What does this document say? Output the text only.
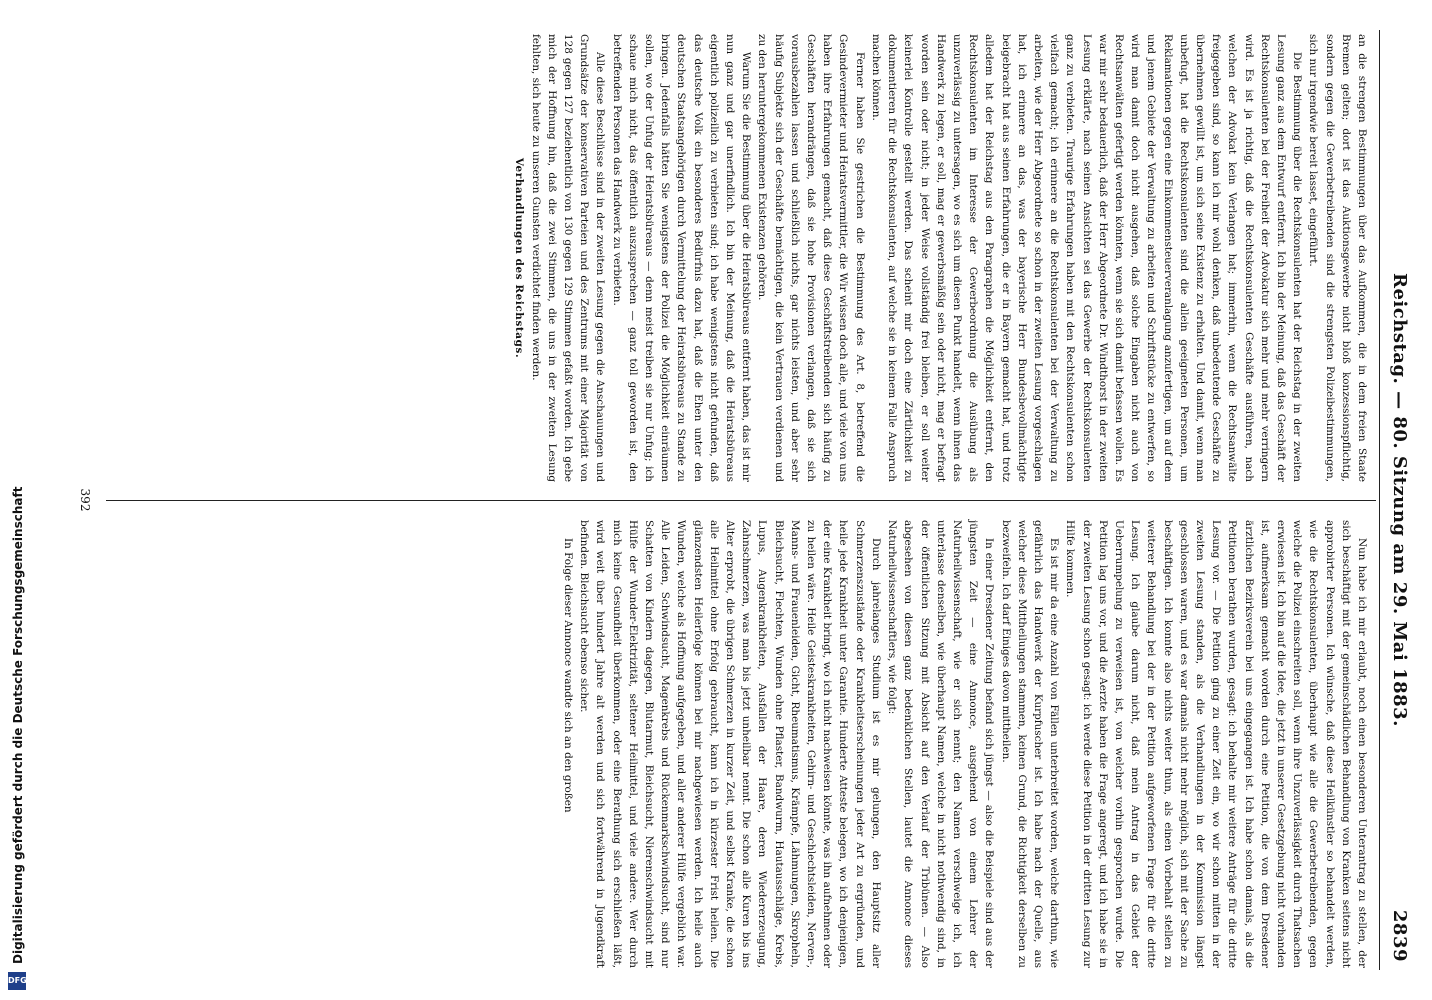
Reichstag. — 80. Sitzung am 29. Mai 1883.
2839

an die strengen Bestimmungen über das Aufkommen, die in dem freien Staate Bremen gelten; dort ist das Auktionsgewerbe nicht bloß konzessionspflichtig, sondern gegen die Gewerbetreibenden sind die strengsten Polizeibestimmungen, sich nur irgendwie bereit lasset, eingeführt.

Die Bestimmung über die Rechtskonsulenten hat der Reichstag in der zweiten Lesung ganz aus dem Entwurf entfernt. Ich bin der Meinung, daß das Geschäft der Rechtskonsulenten bei der Freiheit der Advokatur sich mehr und mehr verringern wird. Es ist ja richtig, daß die Rechtskonsulenten Geschäfte ausführen, nach welchen der Advokat kein Verlangen hat; immerhin, wenn die Rechtsanwälte freigegeben sind, so kann ich mir wohl denken, daß unbedeutende Geschäfte zu übernehmen gewillt ist, um sich seine Existenz zu erhalten. Und damit, wenn man unbefugt, hat die Rechtskonsulenten sind die allein geeigneten Personen, um Reklamationen gegen eine Einkommensteuerveranlagung anzufertigen, um auf dem und jenem Gebiete der Verwaltung zu arbeiten und Schriftstücke zu entwerfen, so wird man damit doch nicht ausgehen, daß solche Eingaben nicht auch von Rechtsanwälten gefertigt werden könnten, wenn sie sich damit befassen wollen. Es war mir sehr bedauerlich, daß der Herr Abgeordnete Dr. Windthorst in der zweiten Lesung erklärte, nach seinen Ansichten sei das Gewerbe der Rechtskonsulenten ganz zu verbieten. Traurige Erfahrungen haben mit den Rechtskonsulenten schon vielfach gemacht; ich erinnere an die Rechtskonsulenten bei der Verwaltung zu arbeiten, wie der Herr Abgeordnete so schon in der zweiten Lesung vorgeschlagen hat, ich erinnere an das, was der bayerische Herr Bundesbevollmächtigte beigebracht hat aus seinen Erfahrungen, die er in Bayern gemacht hat, und trotz alledem hat der Reichstag aus den Paragraphen die Möglichkeit entfernt, den Rechtskonsulenten im Interesse der Gewerbeordnung die Ausübung als unzuverlässig zu untersagen, wo es sich um diesen Punkt handelt, wenn ihnen das Handwerk zu legen, er soll, mag er gewerbsmäßig sein oder nicht, mag er befragt worden sein oder nicht; in jeder Weise vollständig frei bleiben, er soll weiter keinerlei Kontrolle gestellt werden. Das scheint mir doch eine Zärtlichkeit zu dokumentieren für die Rechtskonsulenten, auf welche sie in keinem Falle Anspruch machen können.

Ferner haben Sie gestrichen die Bestimmung des Art. 8, betreffend die Gesindevermieter und Heiratsvermittler, die Wir wissen doch alle, und viele von uns haben ihre Erfahrungen gemacht, daß diese Geschäftstreibenden sich häufig zu Geschäften herandrängen, daß sie hohe Provisionen verlangen, daß sie sich vorausbezahlen lassen und schließlich nichts, gar nichts leisten, und aber sehr häufig Subjekte sich der Geschäfte bemächtigen, die kein Vertrauen verdienen und zu den heruntergekommenen Existenzen gehören.

Warum Sie die Bestimmung über die Heiratsbüreaus entfernt haben, das ist mir nun ganz und gar unerfindlich. Ich bin der Meinung, daß die Heiratsbüreaus eigentlich polizeilich zu verbieten sind; ich habe wenigstens nicht gefunden, daß das deutsche Volk ein besonderes Bedürfnis dazu hat, daß die Ehen unter den deutschen Staatsangehörigen durch Vermittelung der Heiratsbüreaus zu Stande zu bringen. Jedenfalls hätten Sie wenigstens der Polizei die Möglichkeit einräumen sollen, wo der Unfug der Heiratsbüreaus — denn meist treiben sie nur Unfug; ich schaue mich nicht, das öffentlich auszusprechen — ganz toll geworden ist, den betreffenden Personen das Handwerk zu verbieten.

Alle diese Beschlüsse sind in der zweiten Lesung gegen die Anschauungen und Grundsätze der konservativen Parteien und des Zentrums mit einer Majorität von 128 gegen 127 beziehentlich von 130 gegen 129 Stimmen gefaßt worden. Ich gebe mich der Hoffnung hin, daß die zwei Stimmen, die uns in der zweiten Lesung fehlten, sich heute zu unseren Gunsten verdichtet finden werden.

Verhandlungen des Reichstags.

Nun habe ich mir erlaubt, noch einen besonderen Unterantrag zu stellen, der sich beschäftigt mit der gemeinschädlichen Behandlung von Kranken seitens nicht approbirter Personen. Ich wünsche, daß diese Heilkünstler so behandelt werden, wie die Rechtskonsulenten, überhaupt wie alle die Gewerbetreibenden, gegen welche die Polizei einschreiten soll, wenn ihre Unzuverlässigkeit durch Thatsachen erwiesen ist. Ich bin auf die Idee, die jetzt in unserer Gesetzgebung nicht vorhanden ist, aufmerksam gemacht worden durch eine Petition, die von dem Dresdener ärztlichen Bezirksverein bei uns eingegangen ist. Ich habe schon damals, als die Petitionen berathen wurden, gesagt: ich behalte mir weitere Anträge für die dritte Lesung vor. — Die Petition ging zu einer Zeit ein, wo wir schon mitten in der zweiten Lesung standen, als die Verhandlungen in der Kommission längst geschlossen waren, und es war damals nicht mehr möglich, sich mit der Sache zu beschäftigen. Ich konnte also nichts weiter thun, als einen Vorbehalt stellen zu weiterer Behandlung bei der in der Petition aufgeworfenen Frage für die dritte Lesung. Ich glaube darum nicht, daß mein Antrag in das Gebiet der Ueberrumpelung zu verweisen ist, von welcher vorhin gesprochen wurde. Die Petition lag uns vor, und die Aerzte haben die Frage angeregt, und ich habe sie in der zweiten Lesung schon gesagt: ich werde diese Petition in der dritten Lesung zur Hilfe kommen.

Es ist mir da eine Anzahl von Fällen unterbreitet worden, welche darthun, wie gefährlich das Handwerk der Kurpfuscher ist. Ich habe nach der Quelle, aus welcher diese Mittheilungen stammen, keinen Grund, die Richtigkeit derselben zu bezweifeln. Ich darf Einiges davon mittheilen.

In einer Dresdener Zeitung befand sich jüngst — also die Beispiele sind aus der jüngsten Zeit — eine Annonce, ausgehend von einem Lehrer der Naturheilwissenschaft, wie er sich nennt; den Namen verschweige ich, ich unterlasse denselben, wie überhaupt Namen, welche in nicht nothwendig sind, in der öffentlichen Sitzung mit Absicht auf den Verlauf der Tribünen. — Also abgesehen von diesen ganz bedenklichen Stellen, lautet die Annonce dieses Naturheilwissenschaftlers, wie folgt:

Durch jahrelanges Studium ist es mir gelungen, den Hauptsitz aller Schmerzenszustände oder Krankheitserscheinungen jeder Art zu ergründen, und heile jede Krankheit unter Garantie. Hunderte Atteste belegen, wo ich denjenigen, der eine Krankheit bringt, wo ich nicht nachweisen könnte, was ihn aufnehmen oder zu heilen wäre. Heile Geisteskrankheiten, Gehirn- und Geschlechtsleiden, Nerven-, Manns- und Frauenleiden, Gicht, Rheumatismus, Krämpfe, Lähmungen, Skropheln, Bleichsucht, Flechten, Wunden ohne Pflaster, Bandwurm, Hautausschläge, Krebs, Lupus, Augenkrankheiten, Ausfallen der Haare, deren Wiedererzeugung, Zahnschmerzen, was man bis jetzt unheilbar nennt. Die schon alle Kuren bis ins Alter erprobt, die übrigen Schmerzen in kurzer Zeit, und selbst Kranke, die schon alle Heilmittel ohne Erfolg gebraucht, kann ich in kürzester Frist heilen. Die glänzendsten Heilerfolge können bei mir nachgewiesen werden. Ich heile auch Wunden, welche als Hoffnung aufgegeben, und aller anderer Hülfe vergeblich war. Alle Leiden, Schwindsucht, Magenkrebs und Rückenmarkschwindsucht, sind nur Schatten von Kindern dagegen, Blutarmut, Bleichsucht, Nierenschwindsucht mit Hülfe der Wunder-Elektrizität, seltener Heilmittel, und viele andere. Wer durch mich keine Gesundheit überkommen, oder eine Berathung sich erschließen läßt, wird weit über hundert Jahre alt werden und sich fortwährend in Jugendkraft befinden. Bleichsucht ebenso sicher.

In Folge dieser Annonce wandte sich an den großen

392
Digitalisierung gefördert durch die Deutsche Forschungsgemeinschaft
DFG
